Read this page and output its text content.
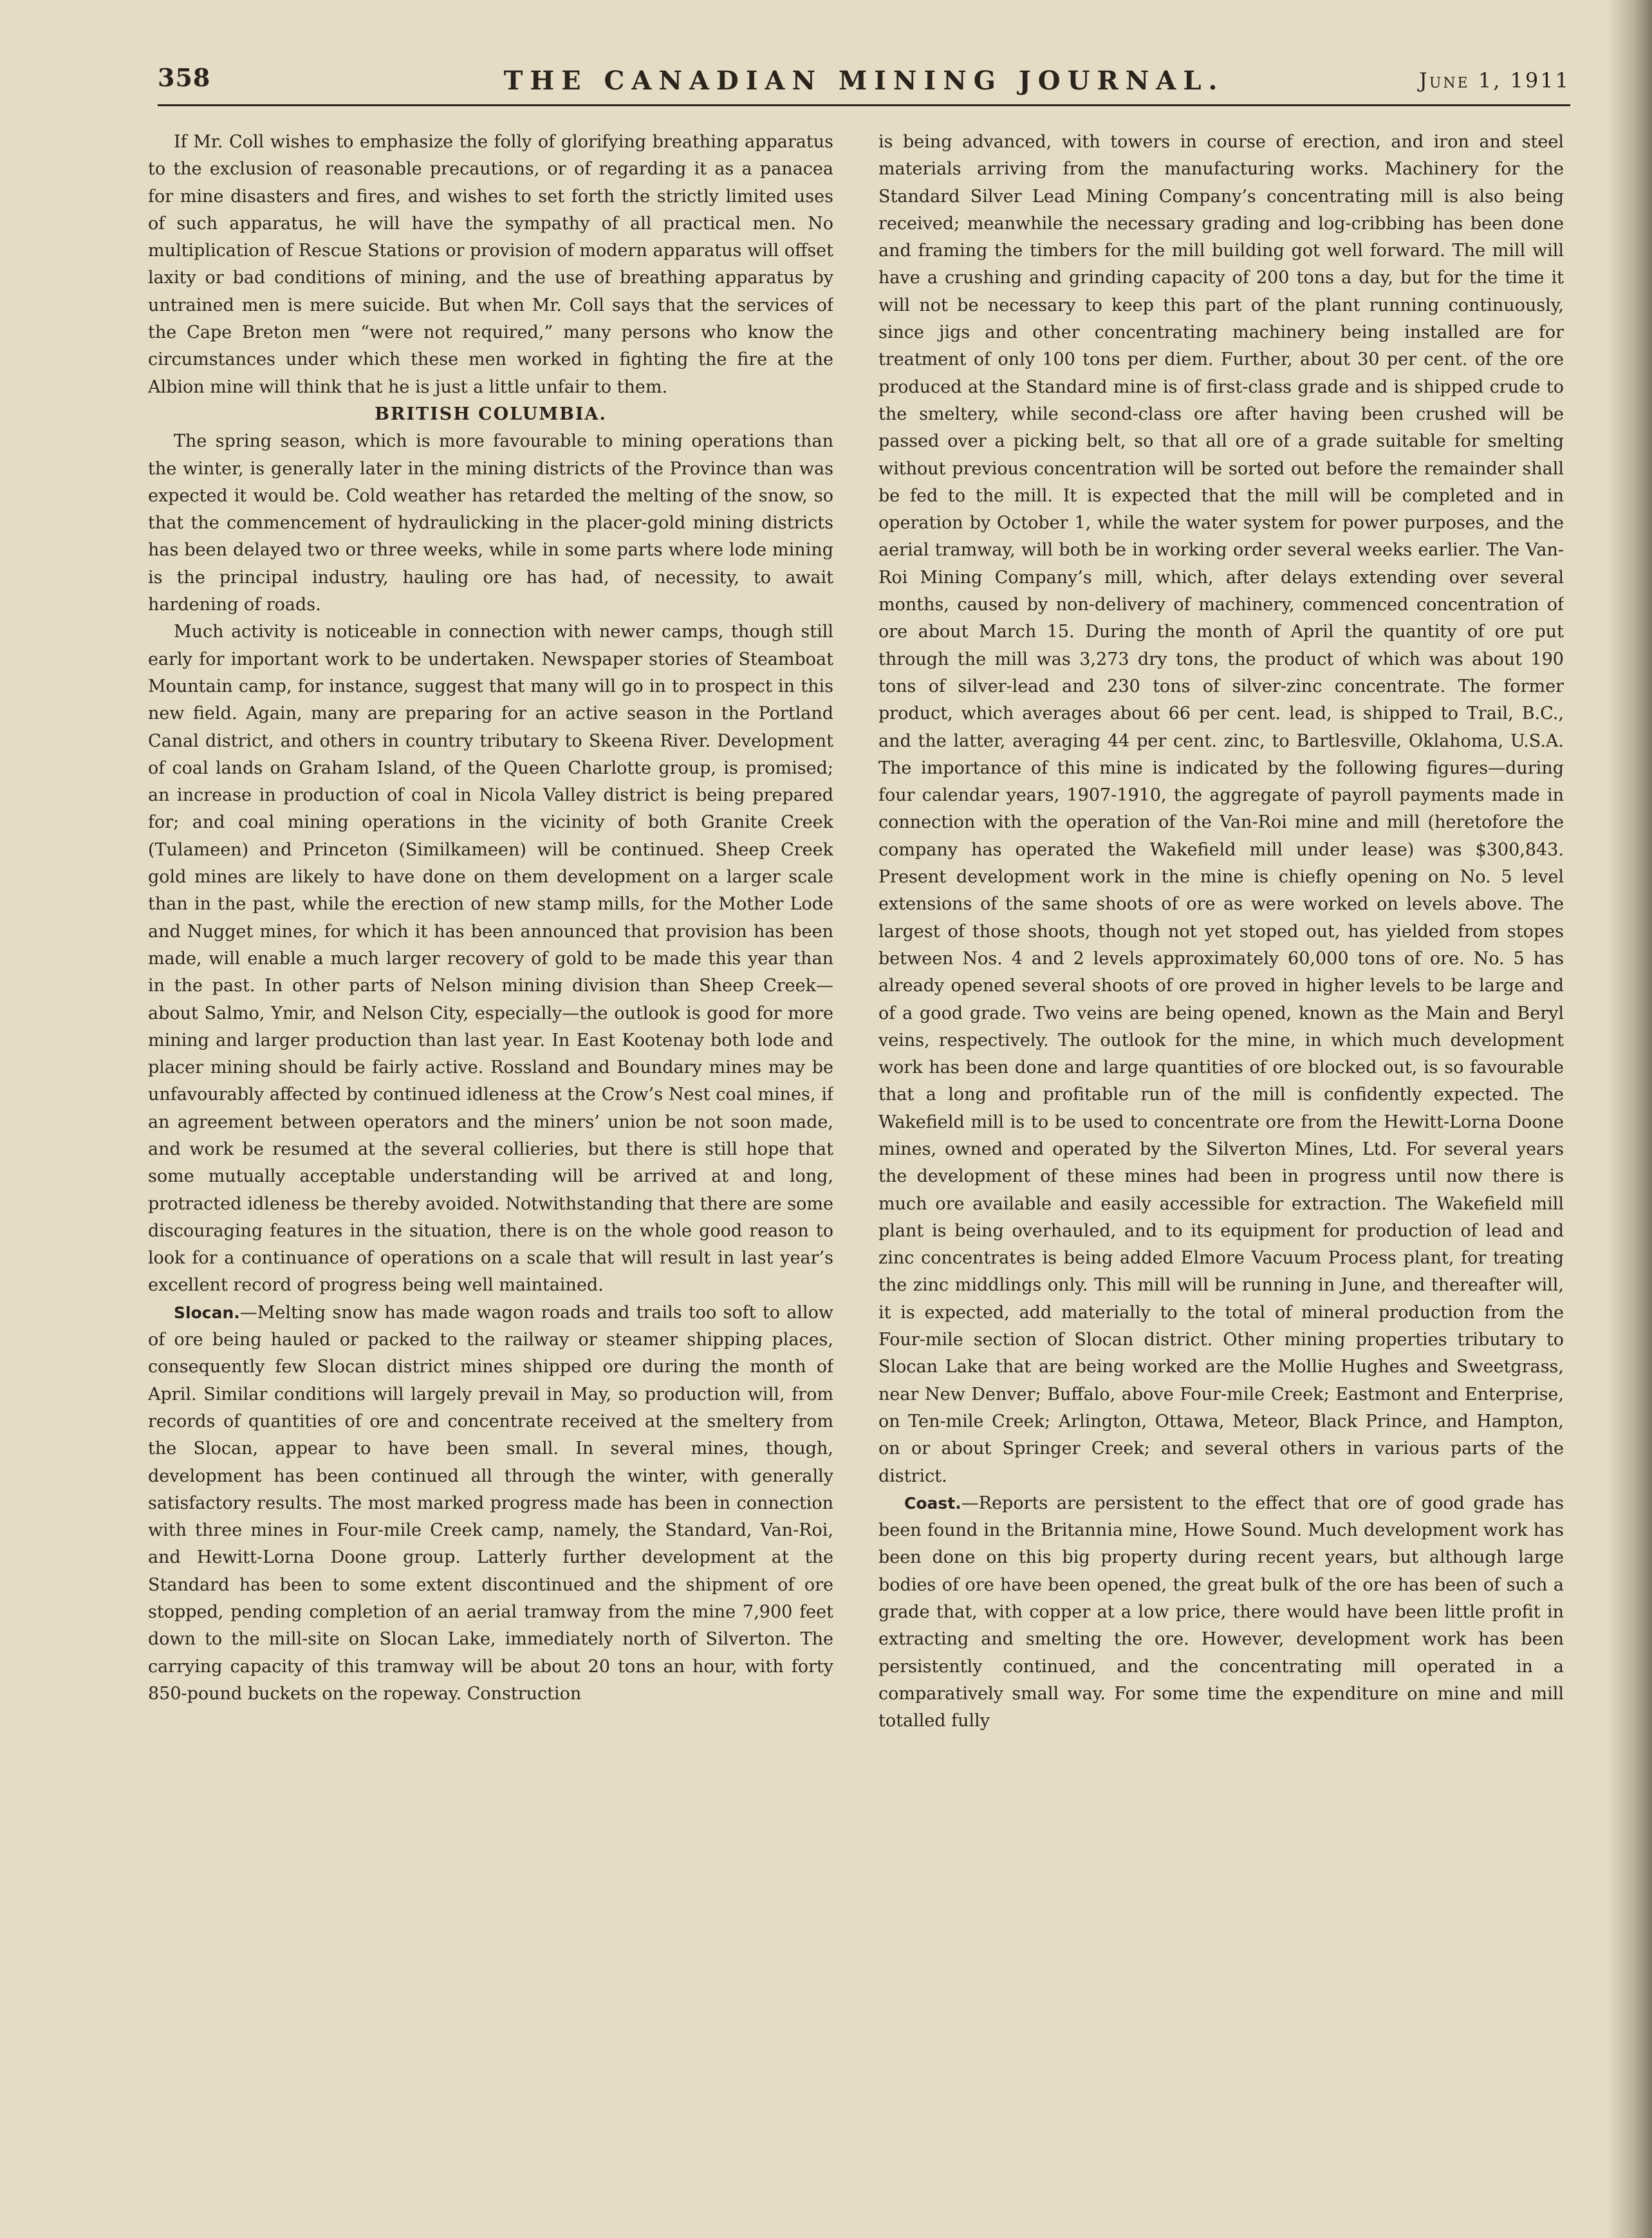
358	THE CANADIAN MINING JOURNAL.	June 1, 1911

If Mr. Coll wishes to emphasize the folly of glorifying breathing apparatus to the exclusion of reasonable precautions, or of regarding it as a panacea for mine disasters and fires, and wishes to set forth the strictly limited uses of such apparatus, he will have the sympathy of all practical men. No multiplication of Rescue Stations or provision of modern apparatus will offset laxity or bad conditions of mining, and the use of breathing apparatus by untrained men is mere suicide. But when Mr. Coll says that the services of the Cape Breton men “were not required,” many persons who know the circumstances under which these men worked in fighting the fire at the Albion mine will think that he is just a little unfair to them.

BRITISH COLUMBIA.

The spring season, which is more favourable to mining operations than the winter, is generally later in the mining districts of the Province than was expected it would be. Cold weather has retarded the melting of the snow, so that the commencement of hydraulicking in the placer-gold mining districts has been delayed two or three weeks, while in some parts where lode mining is the principal industry, hauling ore has had, of necessity, to await hardening of roads.

Much activity is noticeable in connection with newer camps, though still early for important work to be undertaken. Newspaper stories of Steamboat Mountain camp, for instance, suggest that many will go in to prospect in this new field. Again, many are preparing for an active season in the Portland Canal district, and others in country tributary to Skeena River. Development of coal lands on Graham Island, of the Queen Charlotte group, is promised; an increase in production of coal in Nicola Valley district is being prepared for; and coal mining operations in the vicinity of both Granite Creek (Tulameen) and Princeton (Similkameen) will be continued. Sheep Creek gold mines are likely to have done on them development on a larger scale than in the past, while the erection of new stamp mills, for the Mother Lode and Nugget mines, for which it has been announced that provision has been made, will enable a much larger recovery of gold to be made this year than in the past. In other parts of Nelson mining division than Sheep Creek—about Salmo, Ymir, and Nelson City, especially—the outlook is good for more mining and larger production than last year. In East Kootenay both lode and placer mining should be fairly active. Rossland and Boundary mines may be unfavourably affected by continued idleness at the Crow’s Nest coal mines, if an agreement between operators and the miners’ union be not soon made, and work be resumed at the several collieries, but there is still hope that some mutually acceptable understanding will be arrived at and long, protracted idleness be thereby avoided. Notwithstanding that there are some discouraging features in the situation, there is on the whole good reason to look for a continuance of operations on a scale that will result in last year’s excellent record of progress being well maintained.

Slocan.—Melting snow has made wagon roads and trails too soft to allow of ore being hauled or packed to the railway or steamer shipping places, consequently few Slocan district mines shipped ore during the month of April. Similar conditions will largely prevail in May, so production will, from records of quantities of ore and concentrate received at the smeltery from the Slocan, appear to have been small. In several mines, though, development has been continued all through the winter, with generally satisfactory results. The most marked progress made has been in connection with three mines in Four-mile Creek camp, namely, the Standard, Van-Roi, and Hewitt-Lorna Doone group. Latterly further development at the Standard has been to some extent discontinued and the shipment of ore stopped, pending completion of an aerial tramway from the mine 7,900 feet down to the mill-site on Slocan Lake, immediately north of Silverton. The carrying capacity of this tramway will be about 20 tons an hour, with forty 850-pound buckets on the ropeway. Construction

is being advanced, with towers in course of erection, and iron and steel materials arriving from the manufacturing works. Machinery for the Standard Silver Lead Mining Company’s concentrating mill is also being received; meanwhile the necessary grading and log-cribbing has been done and framing the timbers for the mill building got well forward. The mill will have a crushing and grinding capacity of 200 tons a day, but for the time it will not be necessary to keep this part of the plant running continuously, since jigs and other concentrating machinery being installed are for treatment of only 100 tons per diem. Further, about 30 per cent. of the ore produced at the Standard mine is of first-class grade and is shipped crude to the smeltery, while second-class ore after having been crushed will be passed over a picking belt, so that all ore of a grade suitable for smelting without previous concentration will be sorted out before the remainder shall be fed to the mill. It is expected that the mill will be completed and in operation by October 1, while the water system for power purposes, and the aerial tramway, will both be in working order several weeks earlier. The Van-Roi Mining Company’s mill, which, after delays extending over several months, caused by non-delivery of machinery, commenced concentration of ore about March 15. During the month of April the quantity of ore put through the mill was 3,273 dry tons, the product of which was about 190 tons of silver-lead and 230 tons of silver-zinc concentrate. The former product, which averages about 66 per cent. lead, is shipped to Trail, B.C., and the latter, averaging 44 per cent. zinc, to Bartlesville, Oklahoma, U.S.A. The importance of this mine is indicated by the following figures—during four calendar years, 1907-1910, the aggregate of payroll payments made in connection with the operation of the Van-Roi mine and mill (heretofore the company has operated the Wakefield mill under lease) was $300,843. Present development work in the mine is chiefly opening on No. 5 level extensions of the same shoots of ore as were worked on levels above. The largest of those shoots, though not yet stoped out, has yielded from stopes between Nos. 4 and 2 levels approximately 60,000 tons of ore. No. 5 has already opened several shoots of ore proved in higher levels to be large and of a good grade. Two veins are being opened, known as the Main and Beryl veins, respectively. The outlook for the mine, in which much development work has been done and large quantities of ore blocked out, is so favourable that a long and profitable run of the mill is confidently expected. The Wakefield mill is to be used to concentrate ore from the Hewitt-Lorna Doone mines, owned and operated by the Silverton Mines, Ltd. For several years the development of these mines had been in progress until now there is much ore available and easily accessible for extraction. The Wakefield mill plant is being overhauled, and to its equipment for production of lead and zinc concentrates is being added Elmore Vacuum Process plant, for treating the zinc middlings only. This mill will be running in June, and thereafter will, it is expected, add materially to the total of mineral production from the Four-mile section of Slocan district. Other mining properties tributary to Slocan Lake that are being worked are the Mollie Hughes and Sweetgrass, near New Denver; Buffalo, above Four-mile Creek; Eastmont and Enterprise, on Ten-mile Creek; Arlington, Ottawa, Meteor, Black Prince, and Hampton, on or about Springer Creek; and several others in various parts of the district.

Coast.—Reports are persistent to the effect that ore of good grade has been found in the Britannia mine, Howe Sound. Much development work has been done on this big property during recent years, but although large bodies of ore have been opened, the great bulk of the ore has been of such a grade that, with copper at a low price, there would have been little profit in extracting and smelting the ore. However, development work has been persistently continued, and the concentrating mill operated in a comparatively small way. For some time the expenditure on mine and mill totalled fully
